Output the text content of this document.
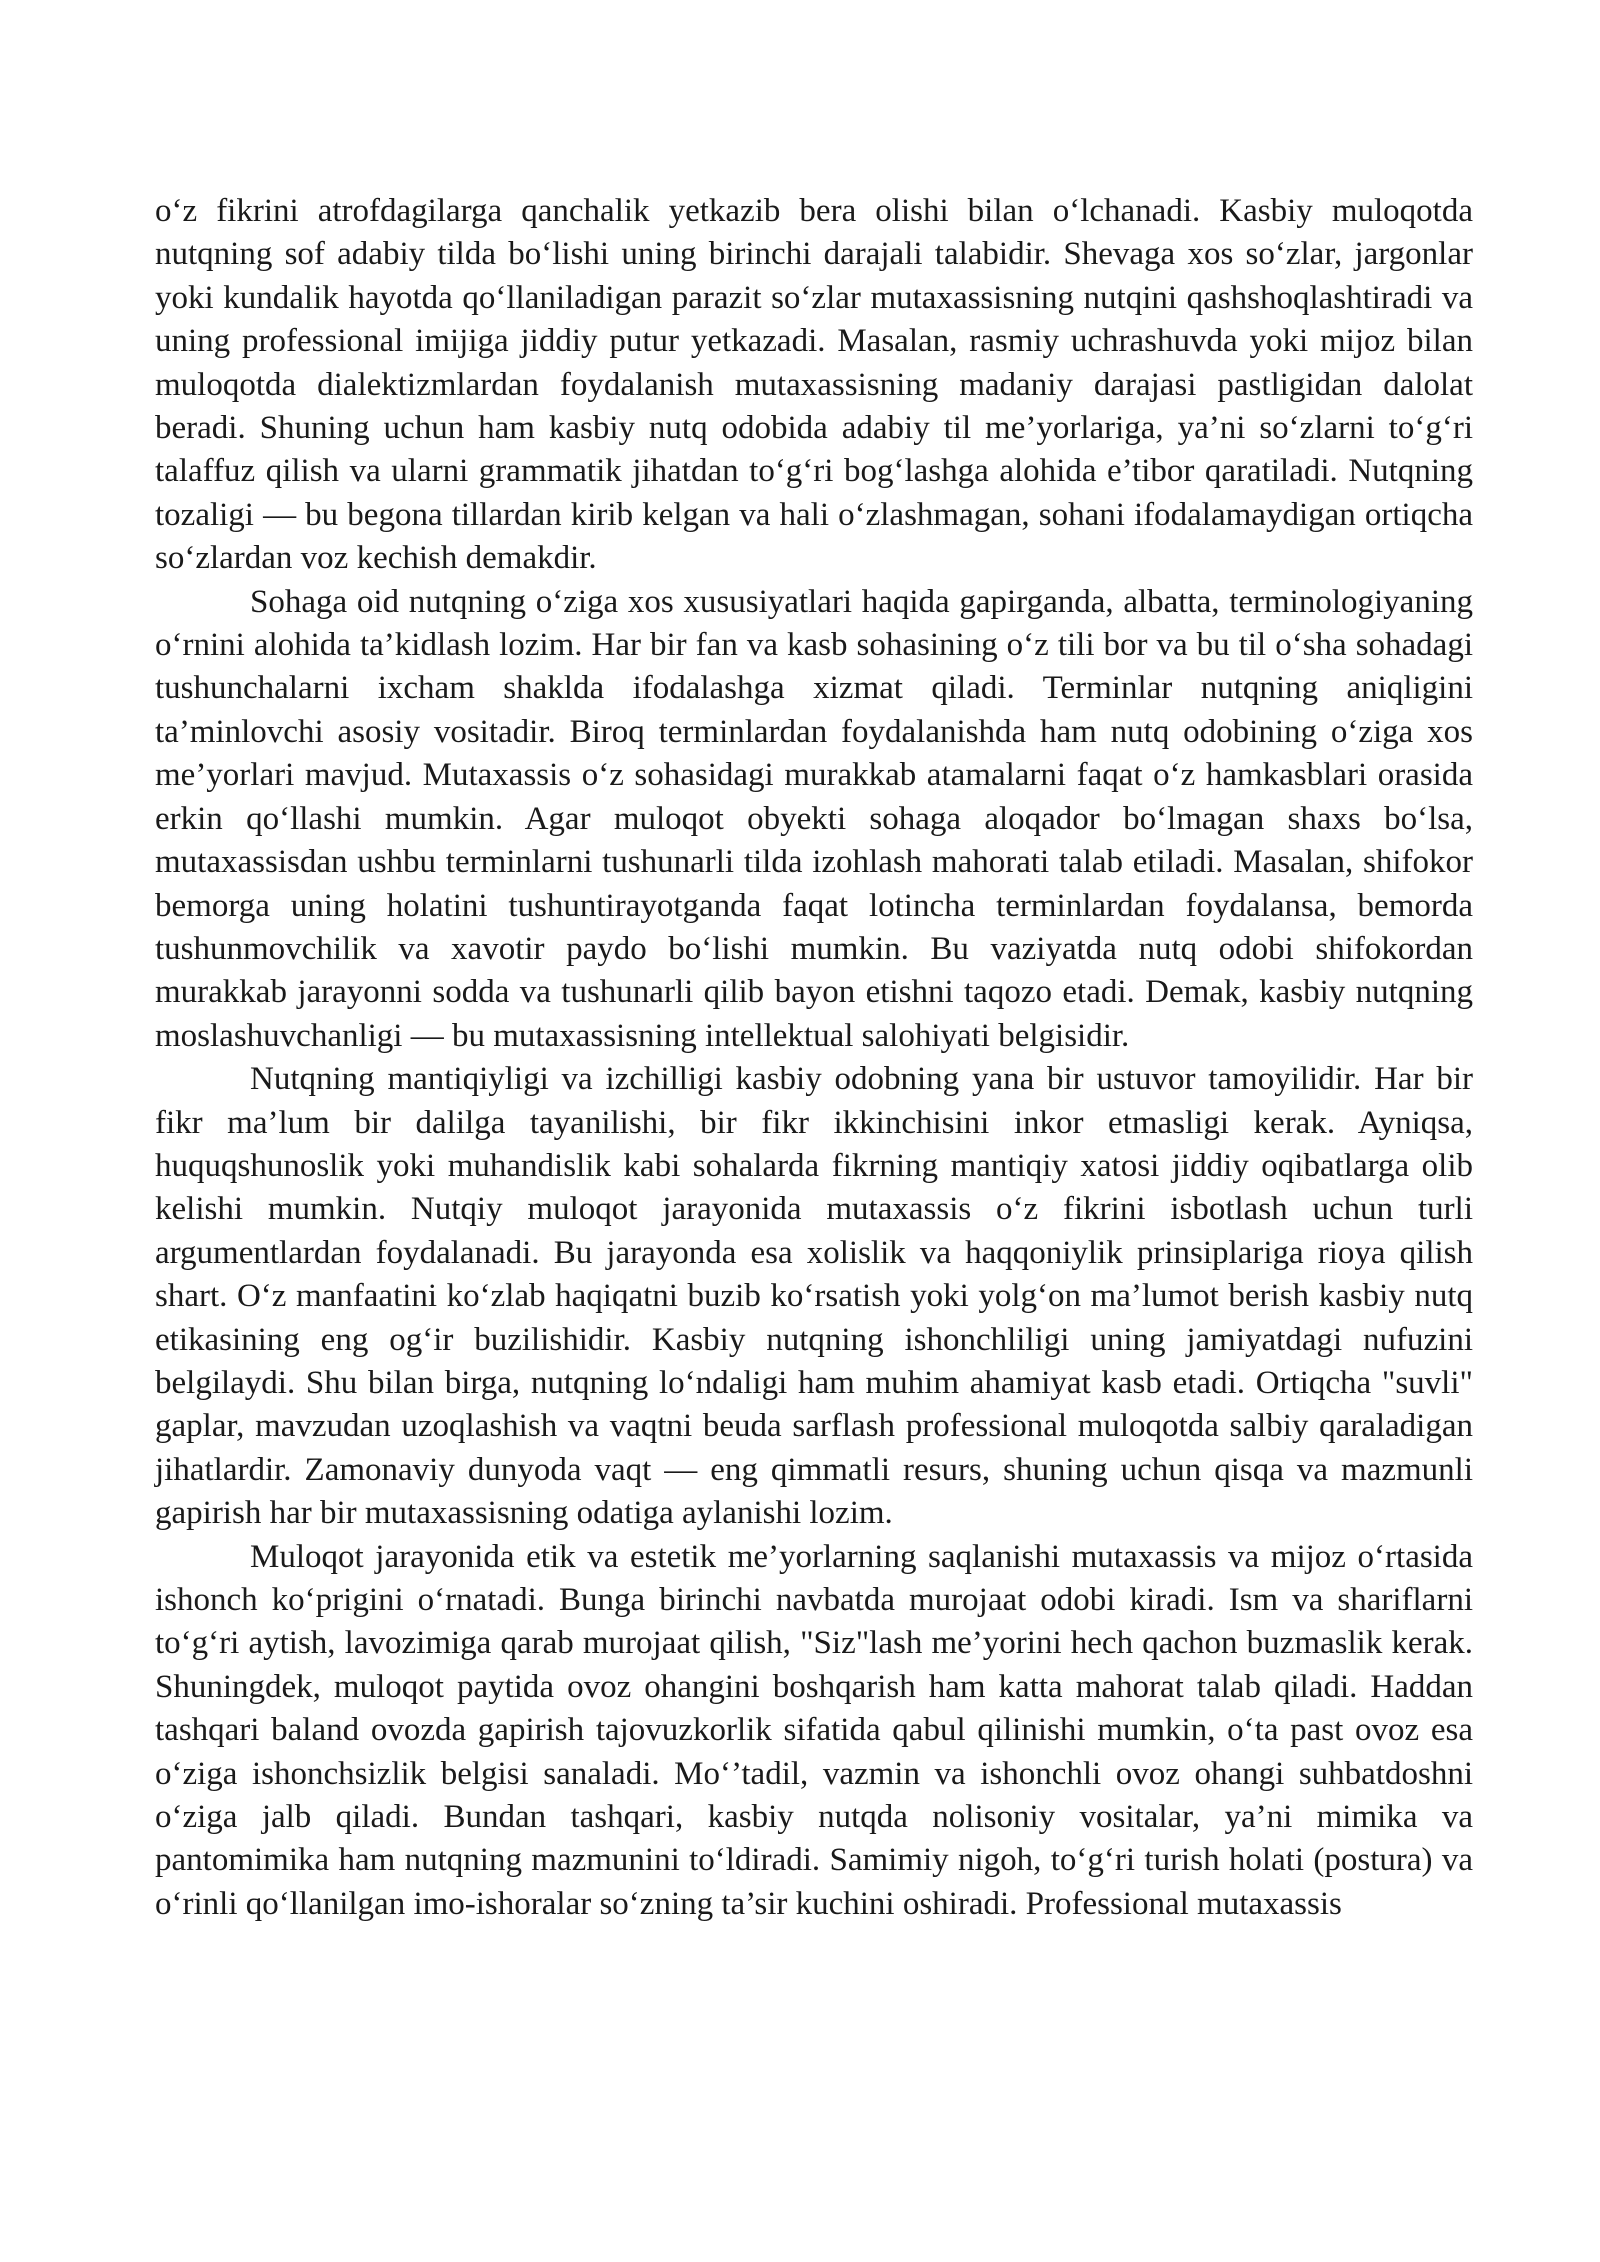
o‘z fikrini atrofdagilarga qanchalik yetkazib bera olishi bilan o‘lchanadi. Kasbiy muloqotda nutqning sof adabiy tilda bo‘lishi uning birinchi darajali talabidir. Shevaga xos so‘zlar, jargonlar yoki kundalik hayotda qo‘llaniladigan parazit so‘zlar mutaxassisning nutqini qashshoqlashtiradi va uning professional imijiga jiddiy putur yetkazadi. Masalan, rasmiy uchrashuvda yoki mijoz bilan muloqotda dialektizmlardan foydalanish mutaxassisning madaniy darajasi pastligidan dalolat beradi. Shuning uchun ham kasbiy nutq odobida adabiy til me’yorlariga, ya’ni so‘zlarni to‘g‘ri talaffuz qilish va ularni grammatik jihatdan to‘g‘ri bog‘lashga alohida e’tibor qaratiladi. Nutqning tozaligi — bu begona tillardan kirib kelgan va hali o‘zlashmagan, sohani ifodalamaydigan ortiqcha so‘zlardan voz kechish demakdir.

Sohaga oid nutqning o‘ziga xos xususiyatlari haqida gapirganda, albatta, terminologiyaning o‘rnini alohida ta’kidlash lozim. Har bir fan va kasb sohasining o‘z tili bor va bu til o‘sha sohadagi tushunchalarni ixcham shaklda ifodalashga xizmat qiladi. Terminlar nutqning aniqligini ta’minlovchi asosiy vositadir. Biroq terminlardan foydalanishda ham nutq odobining o‘ziga xos me’yorlari mavjud. Mutaxassis o‘z sohasidagi murakkab atamalarni faqat o‘z hamkasblari orasida erkin qo‘llashi mumkin. Agar muloqot obyekti sohaga aloqador bo‘lmagan shaxs bo‘lsa, mutaxassisdan ushbu terminlarni tushunarli tilda izohlash mahorati talab etiladi. Masalan, shifokor bemorga uning holatini tushuntirayotganda faqat lotincha terminlardan foydalansa, bemorda tushunmovchilik va xavotir paydo bo‘lishi mumkin. Bu vaziyatda nutq odobi shifokordan murakkab jarayonni sodda va tushunarli qilib bayon etishni taqozo etadi. Demak, kasbiy nutqning moslashuvchanligi — bu mutaxassisning intellektual salohiyati belgisidir.

Nutqning mantiqiyligi va izchilligi kasbiy odobning yana bir ustuvor tamoyilidir. Har bir fikr ma’lum bir dalilga tayanilishi, bir fikr ikkinchisini inkor etmasligi kerak. Ayniqsa, huquqshunoslik yoki muhandislik kabi sohalarda fikrning mantiqiy xatosi jiddiy oqibatlarga olib kelishi mumkin. Nutqiy muloqot jarayonida mutaxassis o‘z fikrini isbotlash uchun turli argumentlardan foydalanadi. Bu jarayonda esa xolislik va haqqoniylik prinsiplariga rioya qilish shart. O‘z manfaatini ko‘zlab haqiqatni buzib ko‘rsatish yoki yolg‘on ma’lumot berish kasbiy nutq etikasining eng og‘ir buzilishidir. Kasbiy nutqning ishonchliligi uning jamiyatdagi nufuzini belgilaydi. Shu bilan birga, nutqning lo‘ndaligi ham muhim ahamiyat kasb etadi. Ortiqcha "suvli" gaplar, mavzudan uzoqlashish va vaqtni beuda sarflash professional muloqotda salbiy qaraladigan jihatlardir. Zamonaviy dunyoda vaqt — eng qimmatli resurs, shuning uchun qisqa va mazmunli gapirish har bir mutaxassisning odatiga aylanishi lozim.

Muloqot jarayonida etik va estetik me’yorlarning saqlanishi mutaxassis va mijoz o‘rtasida ishonch ko‘prigini o‘rnatadi. Bunga birinchi navbatda murojaat odobi kiradi. Ism va shariflarni to‘g‘ri aytish, lavozimiga qarab murojaat qilish, "Siz"lash me’yorini hech qachon buzmaslik kerak. Shuningdek, muloqot paytida ovoz ohangini boshqarish ham katta mahorat talab qiladi. Haddan tashqari baland ovozda gapirish tajovuzkorlik sifatida qabul qilinishi mumkin, o‘ta past ovoz esa o‘ziga ishonchsizlik belgisi sanaladi. Mo‘’tadil, vazmin va ishonchli ovoz ohangi suhbatdoshni o‘ziga jalb qiladi. Bundan tashqari, kasbiy nutqda nolisoniy vositalar, ya’ni mimika va pantomimika ham nutqning mazmunini to‘ldiradi. Samimiy nigoh, to‘g‘ri turish holati (postura) va o‘rinli qo‘llanilgan imo-ishoralar so‘zning ta’sir kuchini oshiradi. Professional mutaxassis
